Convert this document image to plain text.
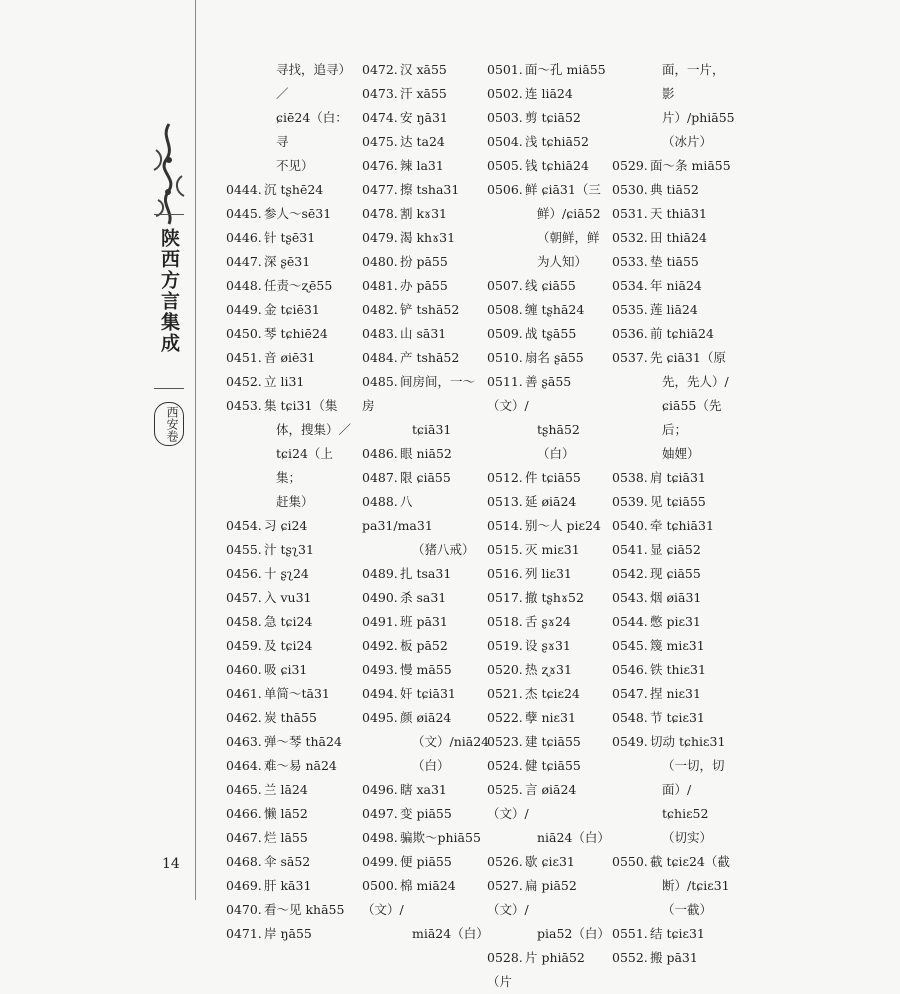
陕西方言集成
西安卷
14
寻找，追寻）／
ɕiē24（白：寻
不见）
0444. 沉 tʂhē24
0445. 参人～sē31
0446. 针 tʂē31
0447. 深 ʂē31
0448. 任责～ʐē55
0449. 金 tɕiē31
0450. 琴 tɕhiē24
0451. 音 øiē31
0452. 立 li31
0453. 集 tɕi31（集
体，搜集）／
tɕi24（上集；
赶集）
0454. 习 ɕi24
0455. 汁 tʂʅ31
0456. 十 ʂʅ24
0457. 入 vu31
0458. 急 tɕi24
0459. 及 tɕi24
0460. 吸 ɕi31
0461. 单简～tā31
0462. 炭 thā55
0463. 弹～琴 thā24
0464. 难～易 nā24
0465. 兰 lā24
0466. 懒 lā52
0467. 烂 lā55
0468. 伞 sā52
0469. 肝 kā31
0470. 看～见 khā55
0471. 岸 ŋā55
0472. 汉 xā55
0473. 汗 xā55
0474. 安 ŋā31
0475. 达 ta24
0476. 辣 la31
0477. 擦 tsha31
0478. 割 kɤ31
0479. 渴 khɤ31
0480. 扮 pā55
0481. 办 pā55
0482. 铲 tshā52
0483. 山 sā31
0484. 产 tshā52
0485. 间房间，一～房
tɕiā31
0486. 眼 niā52
0487. 限 ɕiā55
0488. 八 pa31/ma31
（猪八戒）
0489. 扎 tsa31
0490. 杀 sa31
0491. 班 pā31
0492. 板 pā52
0493. 慢 mā55
0494. 奸 tɕiā31
0495. 颜 øiā24
（文）/niā24
（白）
0496. 瞎 xa31
0497. 变 piā55
0498. 骗欺～phiā55
0499. 便 piā55
0500. 棉 miā24（文）/
miā24（白）
0501. 面～孔 miā55
0502. 连 liā24
0503. 剪 tɕiā52
0504. 浅 tɕhiā52
0505. 钱 tɕhiā24
0506. 鲜 ɕiā31（三
鲜）/ɕiā52
（朝鲜，鲜为人知）
0507. 线 ɕiā55
0508. 缠 tʂhā24
0509. 战 tʂā55
0510. 扇名 ʂā55
0511. 善 ʂā55（文）/
tʂhā52（白）
0512. 件 tɕiā55
0513. 延 øiā24
0514. 别～人 piɛ24
0515. 灭 miɛ31
0516. 列 liɛ31
0517. 撤 tʂhɤ52
0518. 舌 ʂɤ24
0519. 设 ʂɤ31
0520. 热 ʐɤ31
0521. 杰 tɕiɛ24
0522. 孽 niɛ31
0523. 建 tɕiā55
0524. 健 tɕiā55
0525. 言 øiā24（文）/
niā24（白）
0526. 歇 ɕiɛ31
0527. 扁 piā52（文）/
pia52（白）
0528. 片 phiā52（片
面，一片，影
片）/phiā55
（冰片）
0529. 面～条 miā55
0530. 典 tiā52
0531. 天 thiā31
0532. 田 thiā24
0533. 垫 tiā55
0534. 年 niā24
0535. 莲 liā24
0536. 前 tɕhiā24
0537. 先 ɕiā31（原
先，先人）/
ɕiā55（先后；
妯娌）
0538. 肩 tɕiā31
0539. 见 tɕiā55
0540. 牵 tɕhiā31
0541. 显 ɕiā52
0542. 现 ɕiā55
0543. 烟 øiā31
0544. 憋 piɛ31
0545. 篾 miɛ31
0546. 铁 thiɛ31
0547. 捏 niɛ31
0548. 节 tɕiɛ31
0549. 切动 tɕhiɛ31
（一切，切面）/
tɕhiɛ52（切实）
0550. 截 tɕiɛ24（截
断）/tɕiɛ31
（一截）
0551. 结 tɕiɛ31
0552. 搬 pā31
